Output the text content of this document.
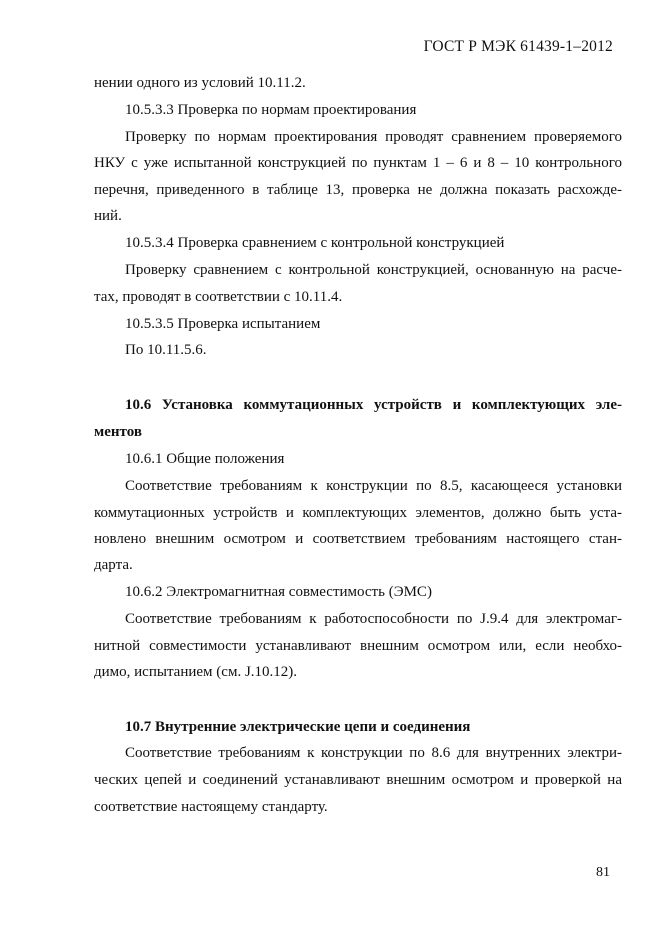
ГОСТ Р МЭК 61439-1–2012
нении одного из условий 10.11.2.
10.5.3.3 Проверка по нормам проектирования
Проверку по нормам проектирования проводят сравнением проверяемого
НКУ с уже испытанной конструкцией по пунктам 1 – 6 и 8 – 10 контрольного
перечня, приведенного в таблице 13, проверка не должна показать расхожде-
ний.
10.5.3.4 Проверка сравнением с контрольной конструкцией
Проверку сравнением с контрольной конструкцией, основанную на расче-
тах, проводят в соответствии с 10.11.4.
10.5.3.5 Проверка испытанием
По 10.11.5.6.
10.6 Установка коммутационных устройств и комплектующих эле-
ментов
10.6.1 Общие положения
Соответствие требованиям к конструкции по 8.5, касающееся установки
коммутационных устройств и комплектующих элементов, должно быть уста-
новлено внешним осмотром и соответствием требованиям настоящего стан-
дарта.
10.6.2 Электромагнитная совместимость (ЭМС)
Соответствие требованиям к работоспособности по J.9.4 для электромаг-
нитной совместимости устанавливают внешним осмотром или, если необхо-
димо, испытанием (см. J.10.12).
10.7 Внутренние электрические цепи и соединения
Соответствие требованиям к конструкции по 8.6 для внутренних электри-
ческих цепей и соединений устанавливают внешним осмотром и проверкой на
соответствие настоящему стандарту.
81
